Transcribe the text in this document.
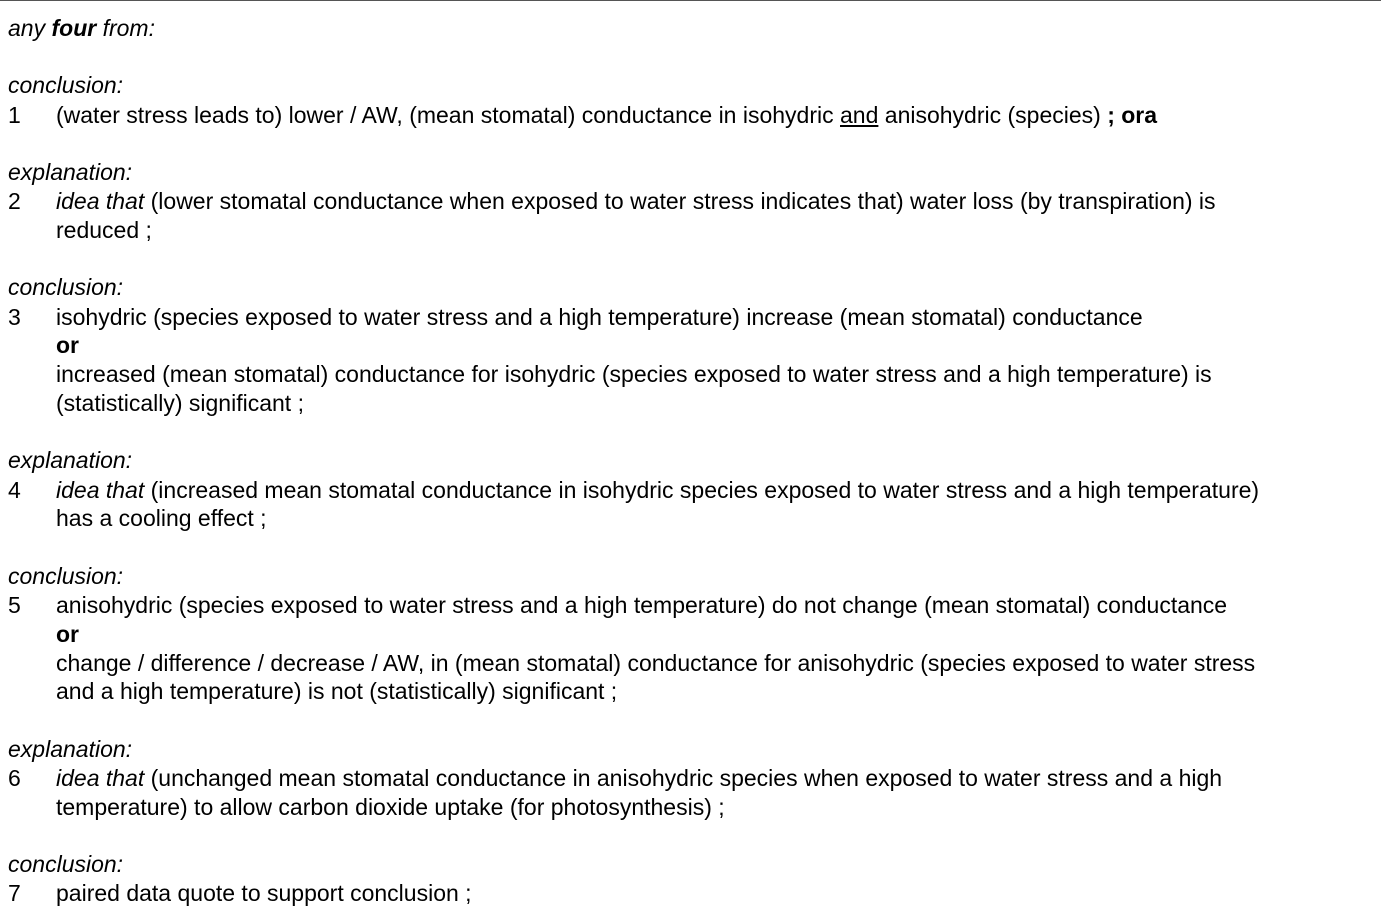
any four from:
conclusion:
1 (water stress leads to) lower / AW, (mean stomatal) conductance in isohydric and anisohydric (species) ; ora
explanation:
2 idea that (lower stomatal conductance when exposed to water stress indicates that) water loss (by transpiration) is
reduced ;
conclusion:
3 isohydric (species exposed to water stress and a high temperature) increase (mean stomatal) conductance
or
increased (mean stomatal) conductance for isohydric (species exposed to water stress and a high temperature) is
(statistically) significant ;
explanation:
4 idea that (increased mean stomatal conductance in isohydric species exposed to water stress and a high temperature)
has a cooling effect ;
conclusion:
5 anisohydric (species exposed to water stress and a high temperature) do not change (mean stomatal) conductance
or
change / difference / decrease / AW, in (mean stomatal) conductance for anisohydric (species exposed to water stress
and a high temperature) is not (statistically) significant ;
explanation:
6 idea that (unchanged mean stomatal conductance in anisohydric species when exposed to water stress and a high
temperature) to allow carbon dioxide uptake (for photosynthesis) ;
conclusion:
7 paired data quote to support conclusion ;
